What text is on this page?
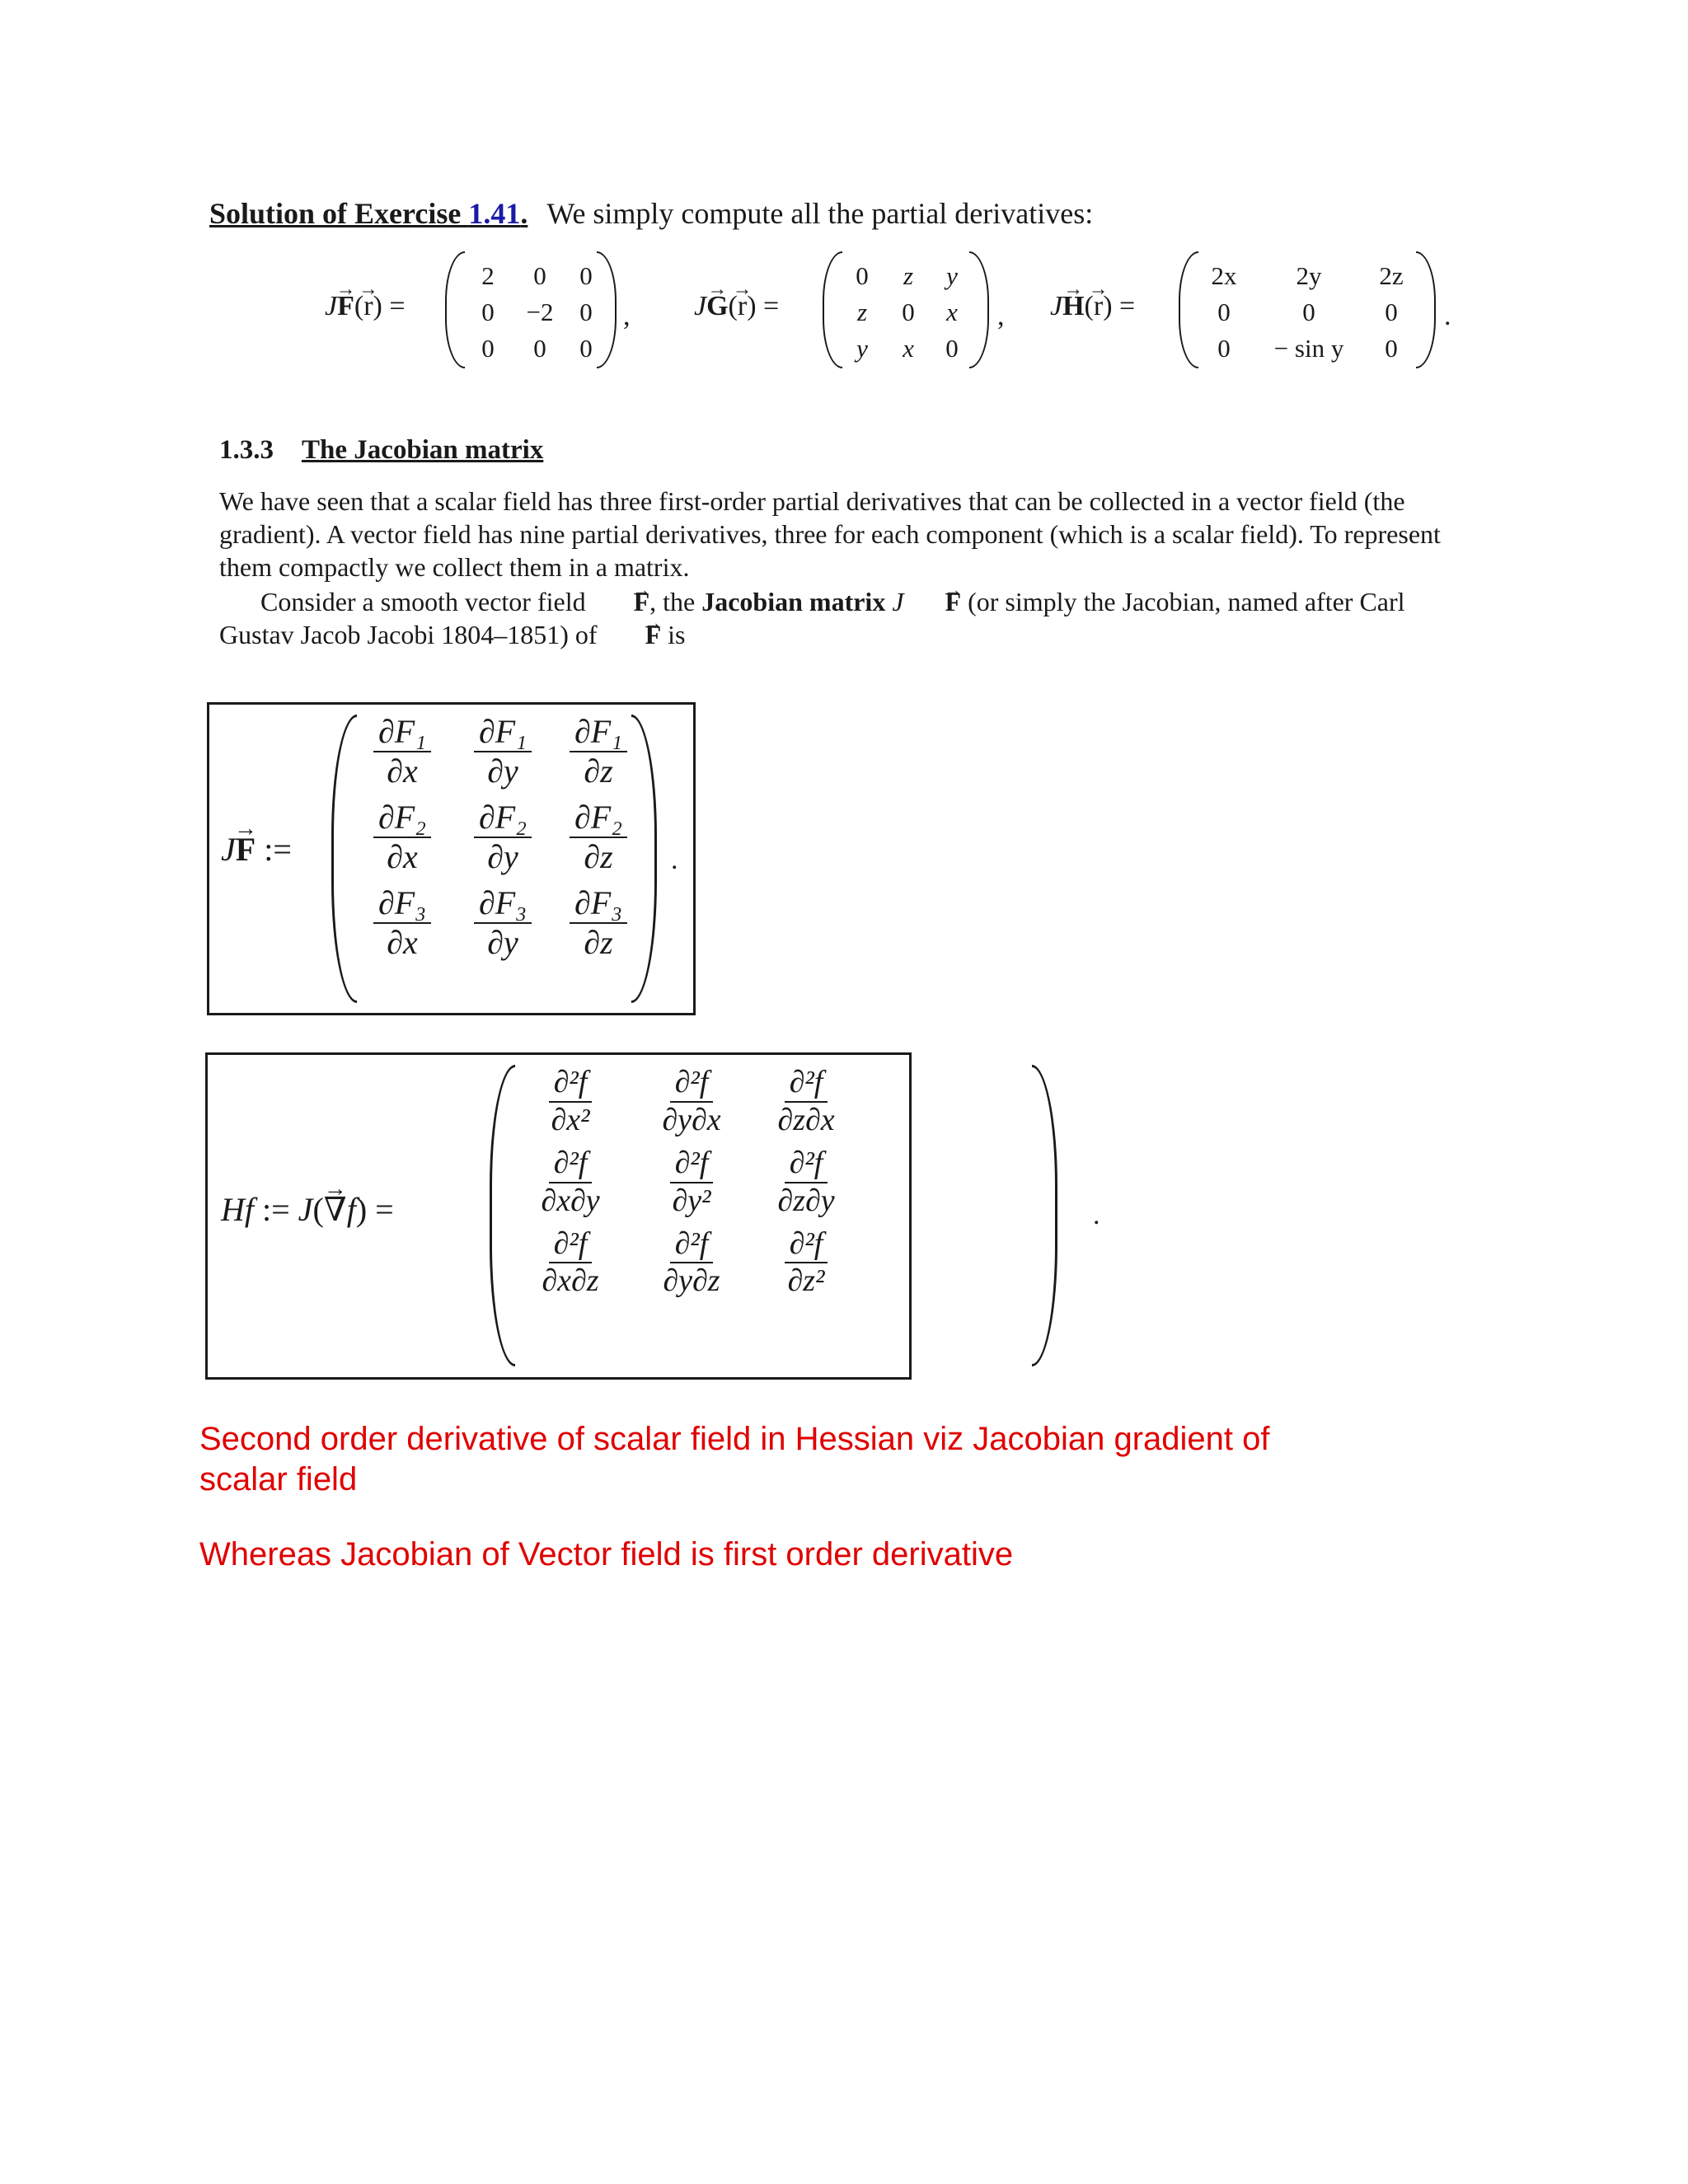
Solution of Exercise 1.41. We simply compute all the partial derivatives:
J→ F(→ r) =
2	0	0
0	−2	0
0	0	0
, J→ G(→ r) =
0	z	y
z	0	x
y	x	0
, J→ H(→ r) =
2x	2y	2z
0	0	0
0	− sin y	0
.
1.3.3 The Jacobian matrix
We have seen that a scalar field has three first-order partial derivatives that can be collected in a vector field (the gradient). A vector field has nine partial derivatives, three for each component (which is a scalar field). To represent them compactly we collect them in a matrix.
Consider a smooth vector field → F, the Jacobian matrix J→ F (or simply the Jacobian, named after Carl Gustav Jacob Jacobi 1804–1851) of → F is
J→ F :=
$\frac{\text{∂F₁}}{\partial x} \frac{\text{∂F₁}}{\partial y} \frac{\text{∂F₁}}{\partial z}$
$\frac{\text{∂F₂}}{\partial x} \frac{\text{∂F₂}}{\partial y} \frac{\text{∂F₂}}{\partial z}$
$\frac{\text{∂F₃}}{\partial x} \frac{\text{∂F₃}}{\partial y} \frac{\text{∂F₃}}{\partial z}$
.
Hf := J(→ ∇f) =
$\frac{\text{∂²f}}{\text{∂x²}} \frac{\text{∂²f}}{\partial y\partial x} \frac{\text{∂²f}}{\partial z\partial x}$
$\frac{\text{∂²f}}{\partial x\partial y} \frac{\text{∂²f}}{\text{∂y²}} \frac{\text{∂²f}}{\partial z\partial y}$
$\frac{\text{∂²f}}{\partial x\partial z} \frac{\text{∂²f}}{\partial y\partial z} \frac{\text{∂²f}}{\text{∂z²}}$
.
Second order derivative of scalar field in Hessian viz Jacobian gradient of scalar field
Whereas Jacobian of Vector field is first order derivative
